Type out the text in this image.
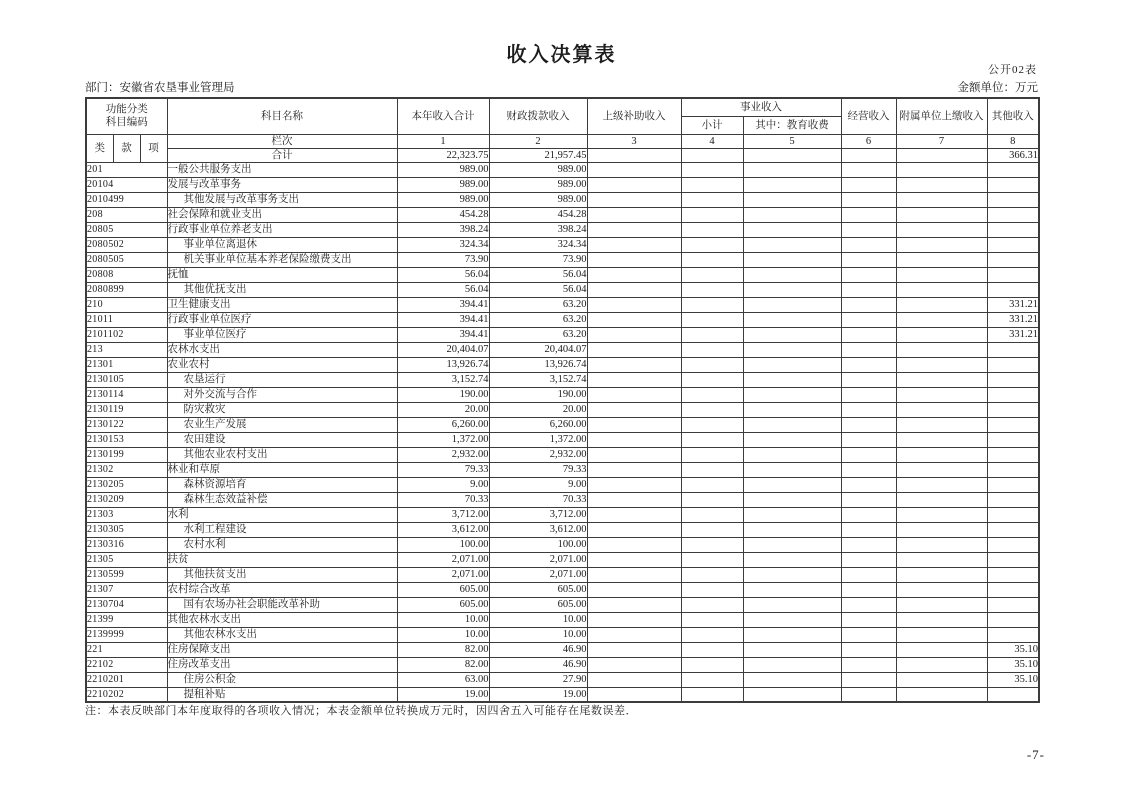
收入决算表
公开02表
部门：安徽省农垦事业管理局	金额单位：万元
功能分类
科目编码			科目名称	本年收入合计	财政拨款收入	上级补助收入	事业收入		经营收入	附属单位上缴收入	其他收入
							小计	其中：教育收费			
类	款	项	栏次	1	2	3	4	5	6	7	8
			合计	22,323.75	21,957.45						366.31
201			一般公共服务支出	989.00	989.00						
20104			发展与改革事务	989.00	989.00						
2010499			其他发展与改革事务支出	989.00	989.00						
208			社会保障和就业支出	454.28	454.28						
20805			行政事业单位养老支出	398.24	398.24						
2080502			事业单位离退休	324.34	324.34						
2080505			机关事业单位基本养老保险缴费支出	73.90	73.90						
20808			抚恤	56.04	56.04						
2080899			其他优抚支出	56.04	56.04						
210			卫生健康支出	394.41	63.20						331.21
21011			行政事业单位医疗	394.41	63.20						331.21
2101102			事业单位医疗	394.41	63.20						331.21
213			农林水支出	20,404.07	20,404.07						
21301			农业农村	13,926.74	13,926.74						
2130105			农垦运行	3,152.74	3,152.74						
2130114			对外交流与合作	190.00	190.00						
2130119			防灾救灾	20.00	20.00						
2130122			农业生产发展	6,260.00	6,260.00						
2130153			农田建设	1,372.00	1,372.00						
2130199			其他农业农村支出	2,932.00	2,932.00						
21302			林业和草原	79.33	79.33						
2130205			森林资源培育	9.00	9.00						
2130209			森林生态效益补偿	70.33	70.33						
21303			水利	3,712.00	3,712.00						
2130305			水利工程建设	3,612.00	3,612.00						
2130316			农村水利	100.00	100.00						
21305			扶贫	2,071.00	2,071.00						
2130599			其他扶贫支出	2,071.00	2,071.00						
21307			农村综合改革	605.00	605.00						
2130704			国有农场办社会职能改革补助	605.00	605.00						
21399			其他农林水支出	10.00	10.00						
2139999			其他农林水支出	10.00	10.00						
221			住房保障支出	82.00	46.90						35.10
22102			住房改革支出	82.00	46.90						35.10
2210201			住房公积金	63.00	27.90						35.10
2210202			提租补贴	19.00	19.00						
注：本表反映部门本年度取得的各项收入情况；本表金额单位转换成万元时，因四舍五入可能存在尾数误差．
-7-
